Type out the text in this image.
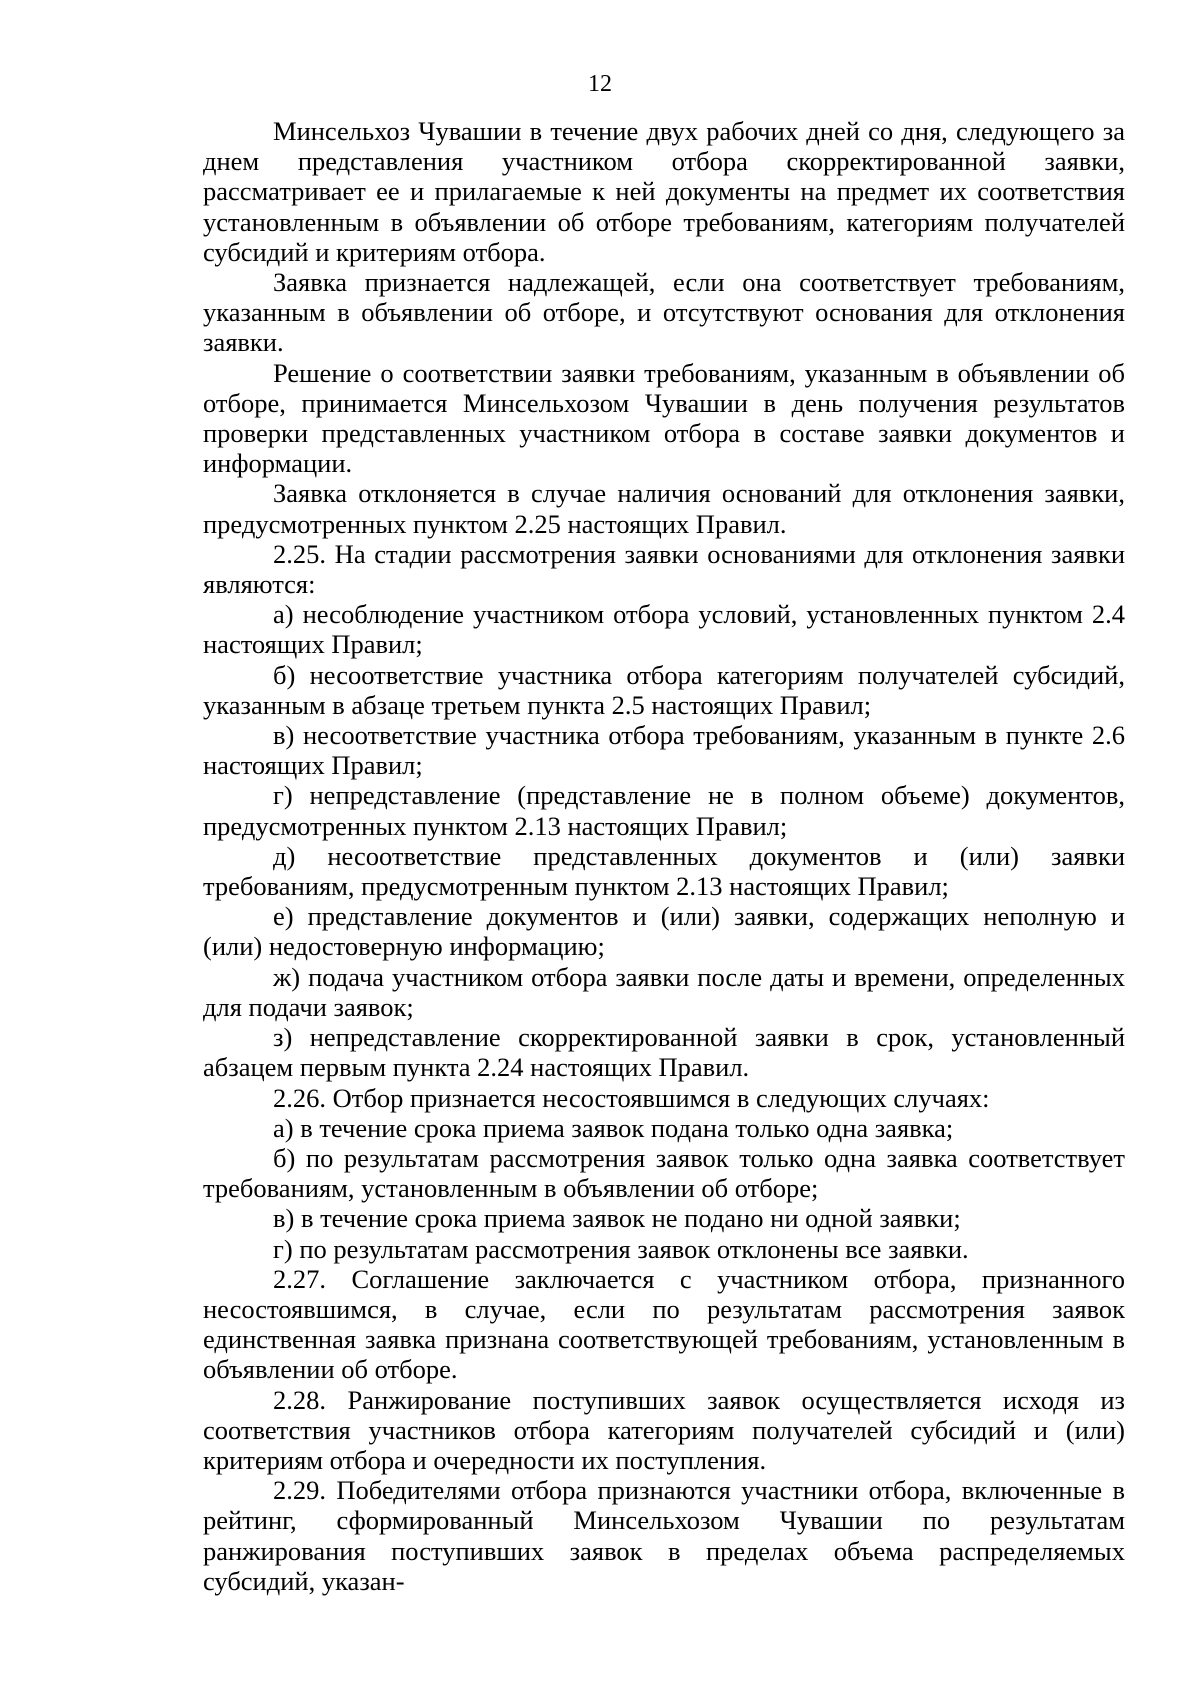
12

Минсельхоз Чувашии в течение двух рабочих дней со дня, следующего за днем представления участником отбора скорректированной заявки, рассматривает ее и прилагаемые к ней документы на предмет их соответствия установленным в объявлении об отборе требованиям, категориям получателей субсидий и критериям отбора.

Заявка признается надлежащей, если она соответствует требованиям, указанным в объявлении об отборе, и отсутствуют основания для отклонения заявки.

Решение о соответствии заявки требованиям, указанным в объявлении об отборе, принимается Минсельхозом Чувашии в день получения результатов проверки представленных участником отбора в составе заявки документов и информации.

Заявка отклоняется в случае наличия оснований для отклонения заявки, предусмотренных пунктом 2.25 настоящих Правил.

2.25. На стадии рассмотрения заявки основаниями для отклонения заявки являются:

а) несоблюдение участником отбора условий, установленных пунктом 2.4 настоящих Правил;

б) несоответствие участника отбора категориям получателей субсидий, указанным в абзаце третьем пункта 2.5 настоящих Правил;

в) несоответствие участника отбора требованиям, указанным в пункте 2.6 настоящих Правил;

г) непредставление (представление не в полном объеме) документов, предусмотренных пунктом 2.13 настоящих Правил;

д) несоответствие представленных документов и (или) заявки требованиям, предусмотренным пунктом 2.13 настоящих Правил;

е) представление документов и (или) заявки, содержащих неполную и (или) недостоверную информацию;

ж) подача участником отбора заявки после даты и времени, определенных для подачи заявок;

з) непредставление скорректированной заявки в срок, установленный абзацем первым пункта 2.24 настоящих Правил.

2.26. Отбор признается несостоявшимся в следующих случаях:

а) в течение срока приема заявок подана только одна заявка;

б) по результатам рассмотрения заявок только одна заявка соответствует требованиям, установленным в объявлении об отборе;

в) в течение срока приема заявок не подано ни одной заявки;

г) по результатам рассмотрения заявок отклонены все заявки.

2.27. Соглашение заключается с участником отбора, признанного несостоявшимся, в случае, если по результатам рассмотрения заявок единственная заявка признана соответствующей требованиям, установленным в объявлении об отборе.

2.28. Ранжирование поступивших заявок осуществляется исходя из соответствия участников отбора категориям получателей субсидий и (или) критериям отбора и очередности их поступления.

2.29. Победителями отбора признаются участники отбора, включенные в рейтинг, сформированный Минсельхозом Чувашии по результатам ранжирования поступивших заявок в пределах объема распределяемых субсидий, указан-
